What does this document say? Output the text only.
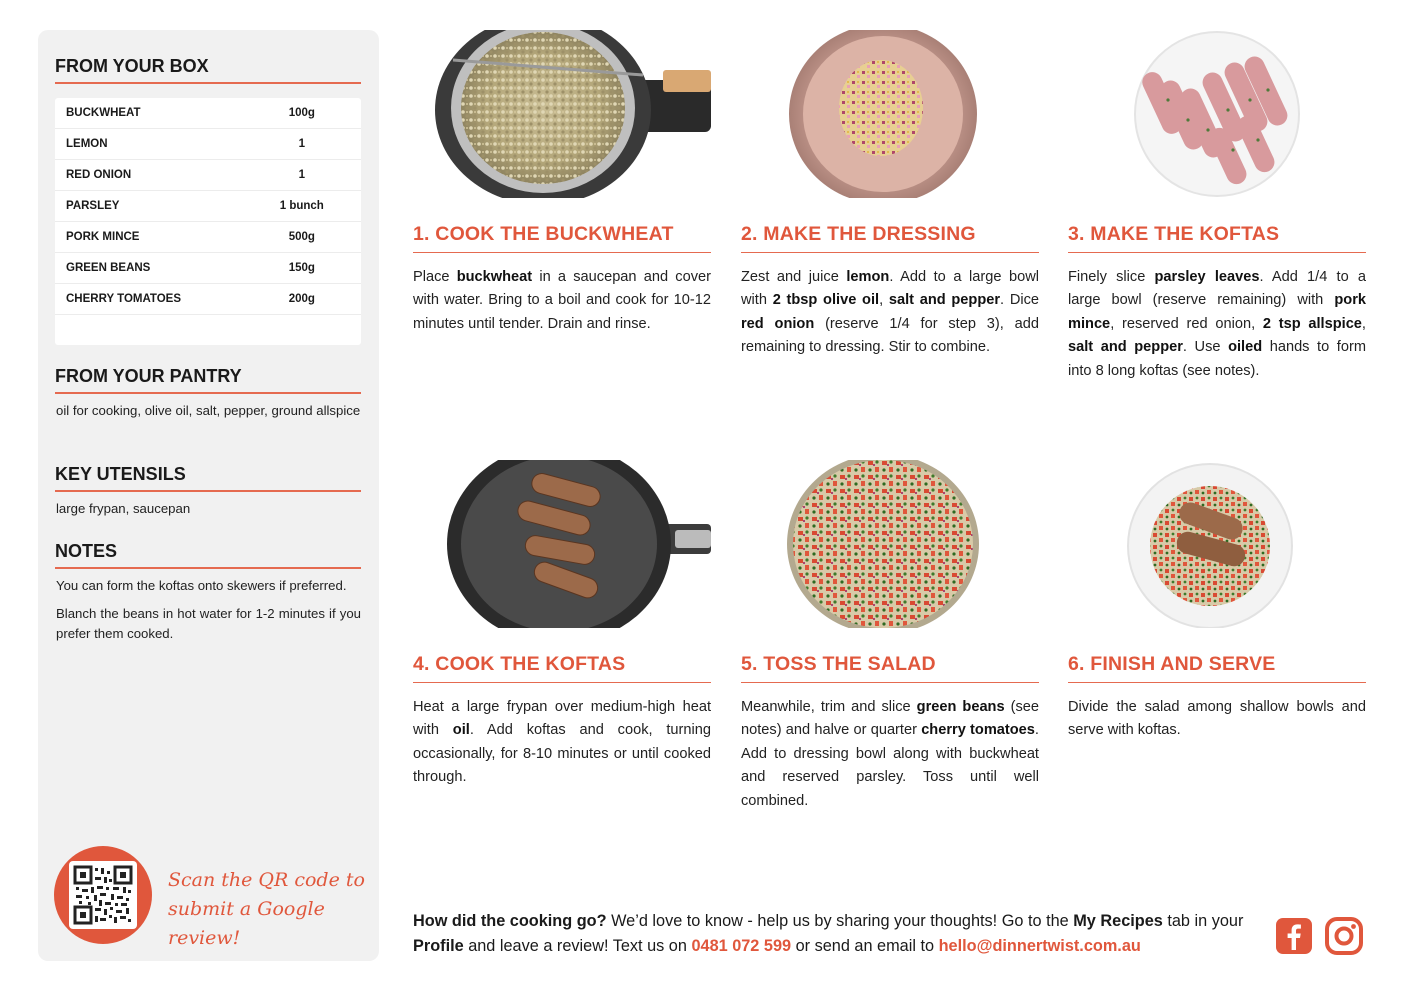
FROM YOUR BOX
BUCKWHEAT	100g
LEMON	1
RED ONION	1
PARSLEY	1 bunch
PORK MINCE	500g
GREEN BEANS	150g
CHERRY TOMATOES	200g
FROM YOUR PANTRY
oil for cooking, olive oil, salt, pepper, ground allspice
KEY UTENSILS
large frypan, saucepan
NOTES
You can form the koftas onto skewers if preferred.
Blanch the beans in hot water for 1-2 minutes if you prefer them cooked.
Scan the QR code to
submit a Google review!
1. COOK THE BUCKWHEAT
Place buckwheat in a saucepan and cover with water. Bring to a boil and cook for 10-12 minutes until tender. Drain and rinse.
2. MAKE THE DRESSING
Zest and juice lemon. Add to a large bowl with 2 tbsp olive oil, salt and pepper. Dice red onion (reserve 1/4 for step 3), add remaining to dressing. Stir to combine.
3. MAKE THE KOFTAS
Finely slice parsley leaves. Add 1/4 to a large bowl (reserve remaining) with pork mince, reserved red onion, 2 tsp allspice, salt and pepper. Use oiled hands to form into 8 long koftas (see notes).
4. COOK THE KOFTAS
Heat a large frypan over medium-high heat with oil. Add koftas and cook, turning occasionally, for 8-10 minutes or until cooked through.
5. TOSS THE SALAD
Meanwhile, trim and slice green beans (see notes) and halve or quarter cherry tomatoes. Add to dressing bowl along with buckwheat and reserved parsley. Toss until well combined.
6. FINISH AND SERVE
Divide the salad among shallow bowls and serve with koftas.
How did the cooking go? We’d love to know - help us by sharing your thoughts! Go to the My Recipes tab in your Profile and leave a review! Text us on 0481 072 599 or send an email to hello@dinnertwist.com.au
